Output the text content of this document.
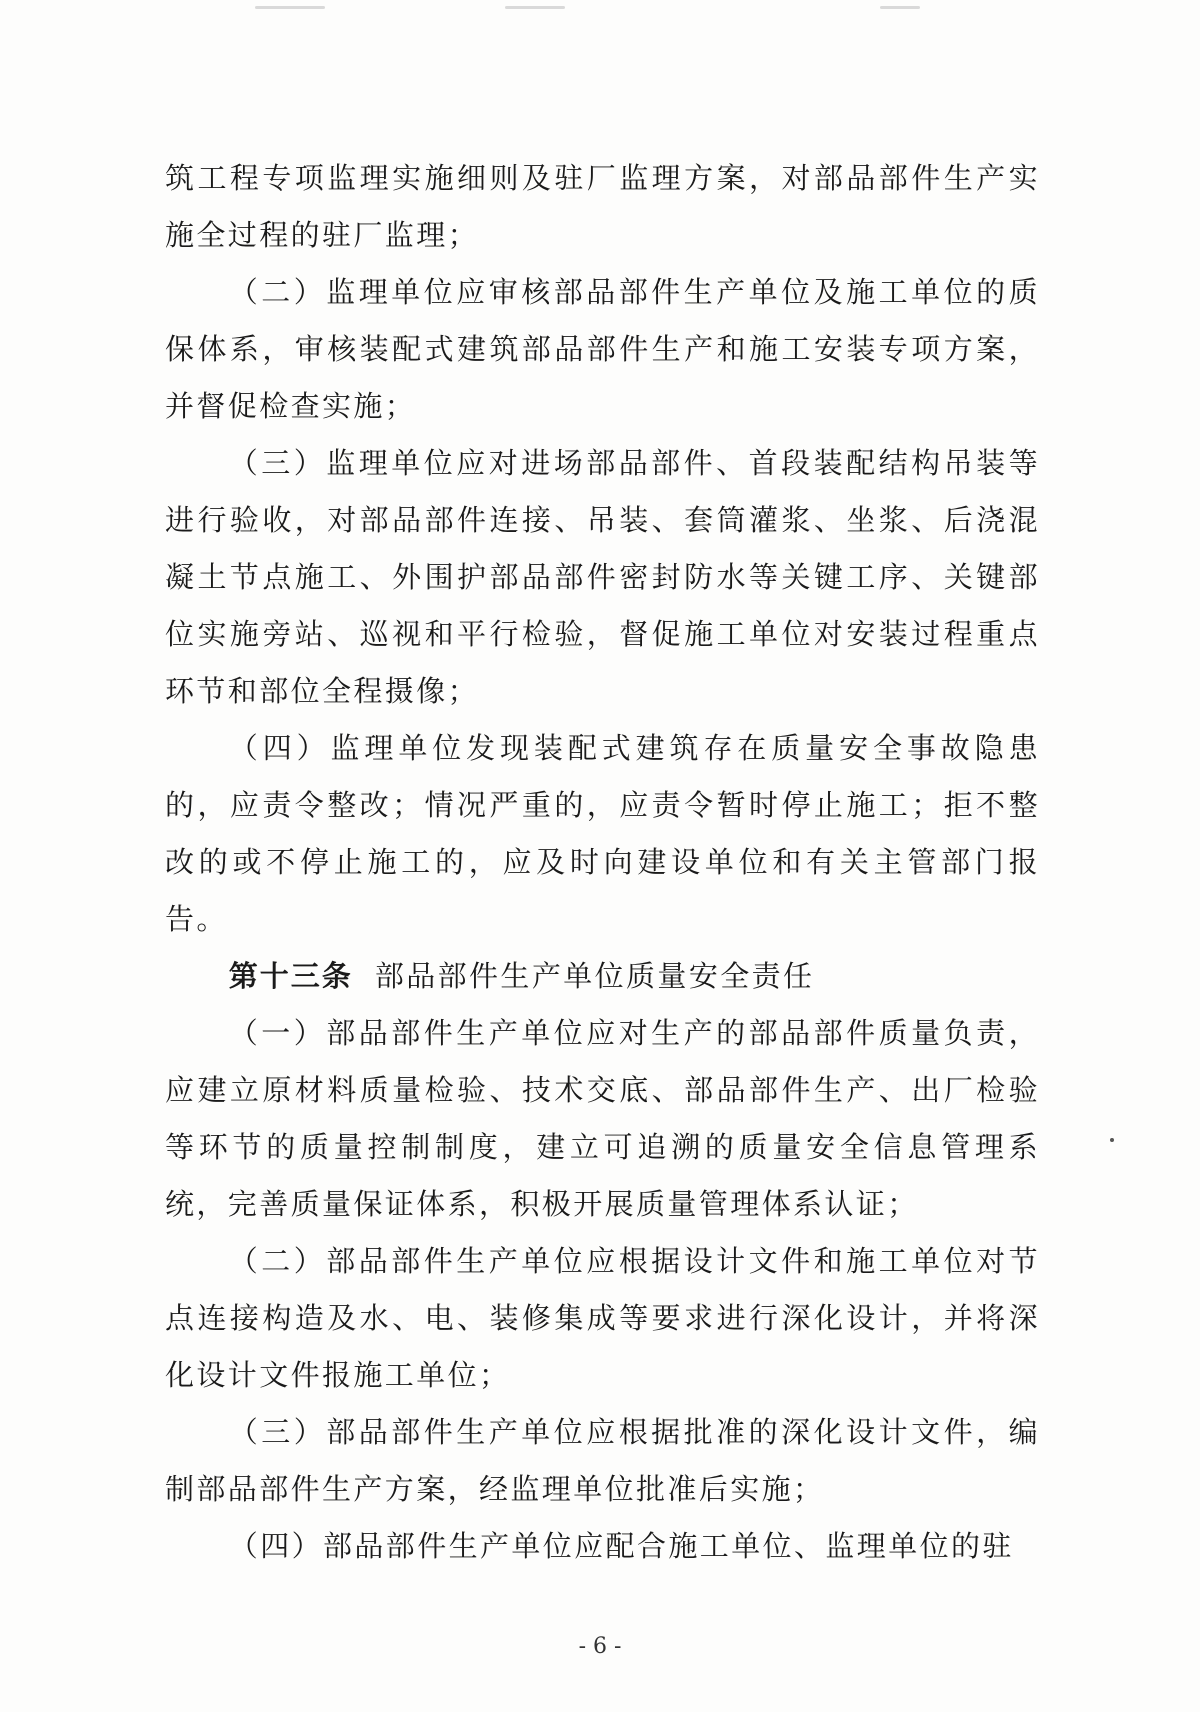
筑工程专项监理实施细则及驻厂监理方案，对部品部件生产实施全过程的驻厂监理；

（二）监理单位应审核部品部件生产单位及施工单位的质保体系，审核装配式建筑部品部件生产和施工安装专项方案，并督促检查实施；

（三）监理单位应对进场部品部件、首段装配结构吊装等进行验收，对部品部件连接、吊装、套筒灌浆、坐浆、后浇混凝土节点施工、外围护部品部件密封防水等关键工序、关键部位实施旁站、巡视和平行检验，督促施工单位对安装过程重点环节和部位全程摄像；

（四）监理单位发现装配式建筑存在质量安全事故隐患的，应责令整改；情况严重的，应责令暂时停止施工；拒不整改的或不停止施工的，应及时向建设单位和有关主管部门报告。

第十三条 部品部件生产单位质量安全责任

（一）部品部件生产单位应对生产的部品部件质量负责，应建立原材料质量检验、技术交底、部品部件生产、出厂检验等环节的质量控制制度，建立可追溯的质量安全信息管理系统，完善质量保证体系，积极开展质量管理体系认证；

（二）部品部件生产单位应根据设计文件和施工单位对节点连接构造及水、电、装修集成等要求进行深化设计，并将深化设计文件报施工单位；

（三）部品部件生产单位应根据批准的深化设计文件，编制部品部件生产方案，经监理单位批准后实施；

（四）部品部件生产单位应配合施工单位、监理单位的驻

- 6 -
